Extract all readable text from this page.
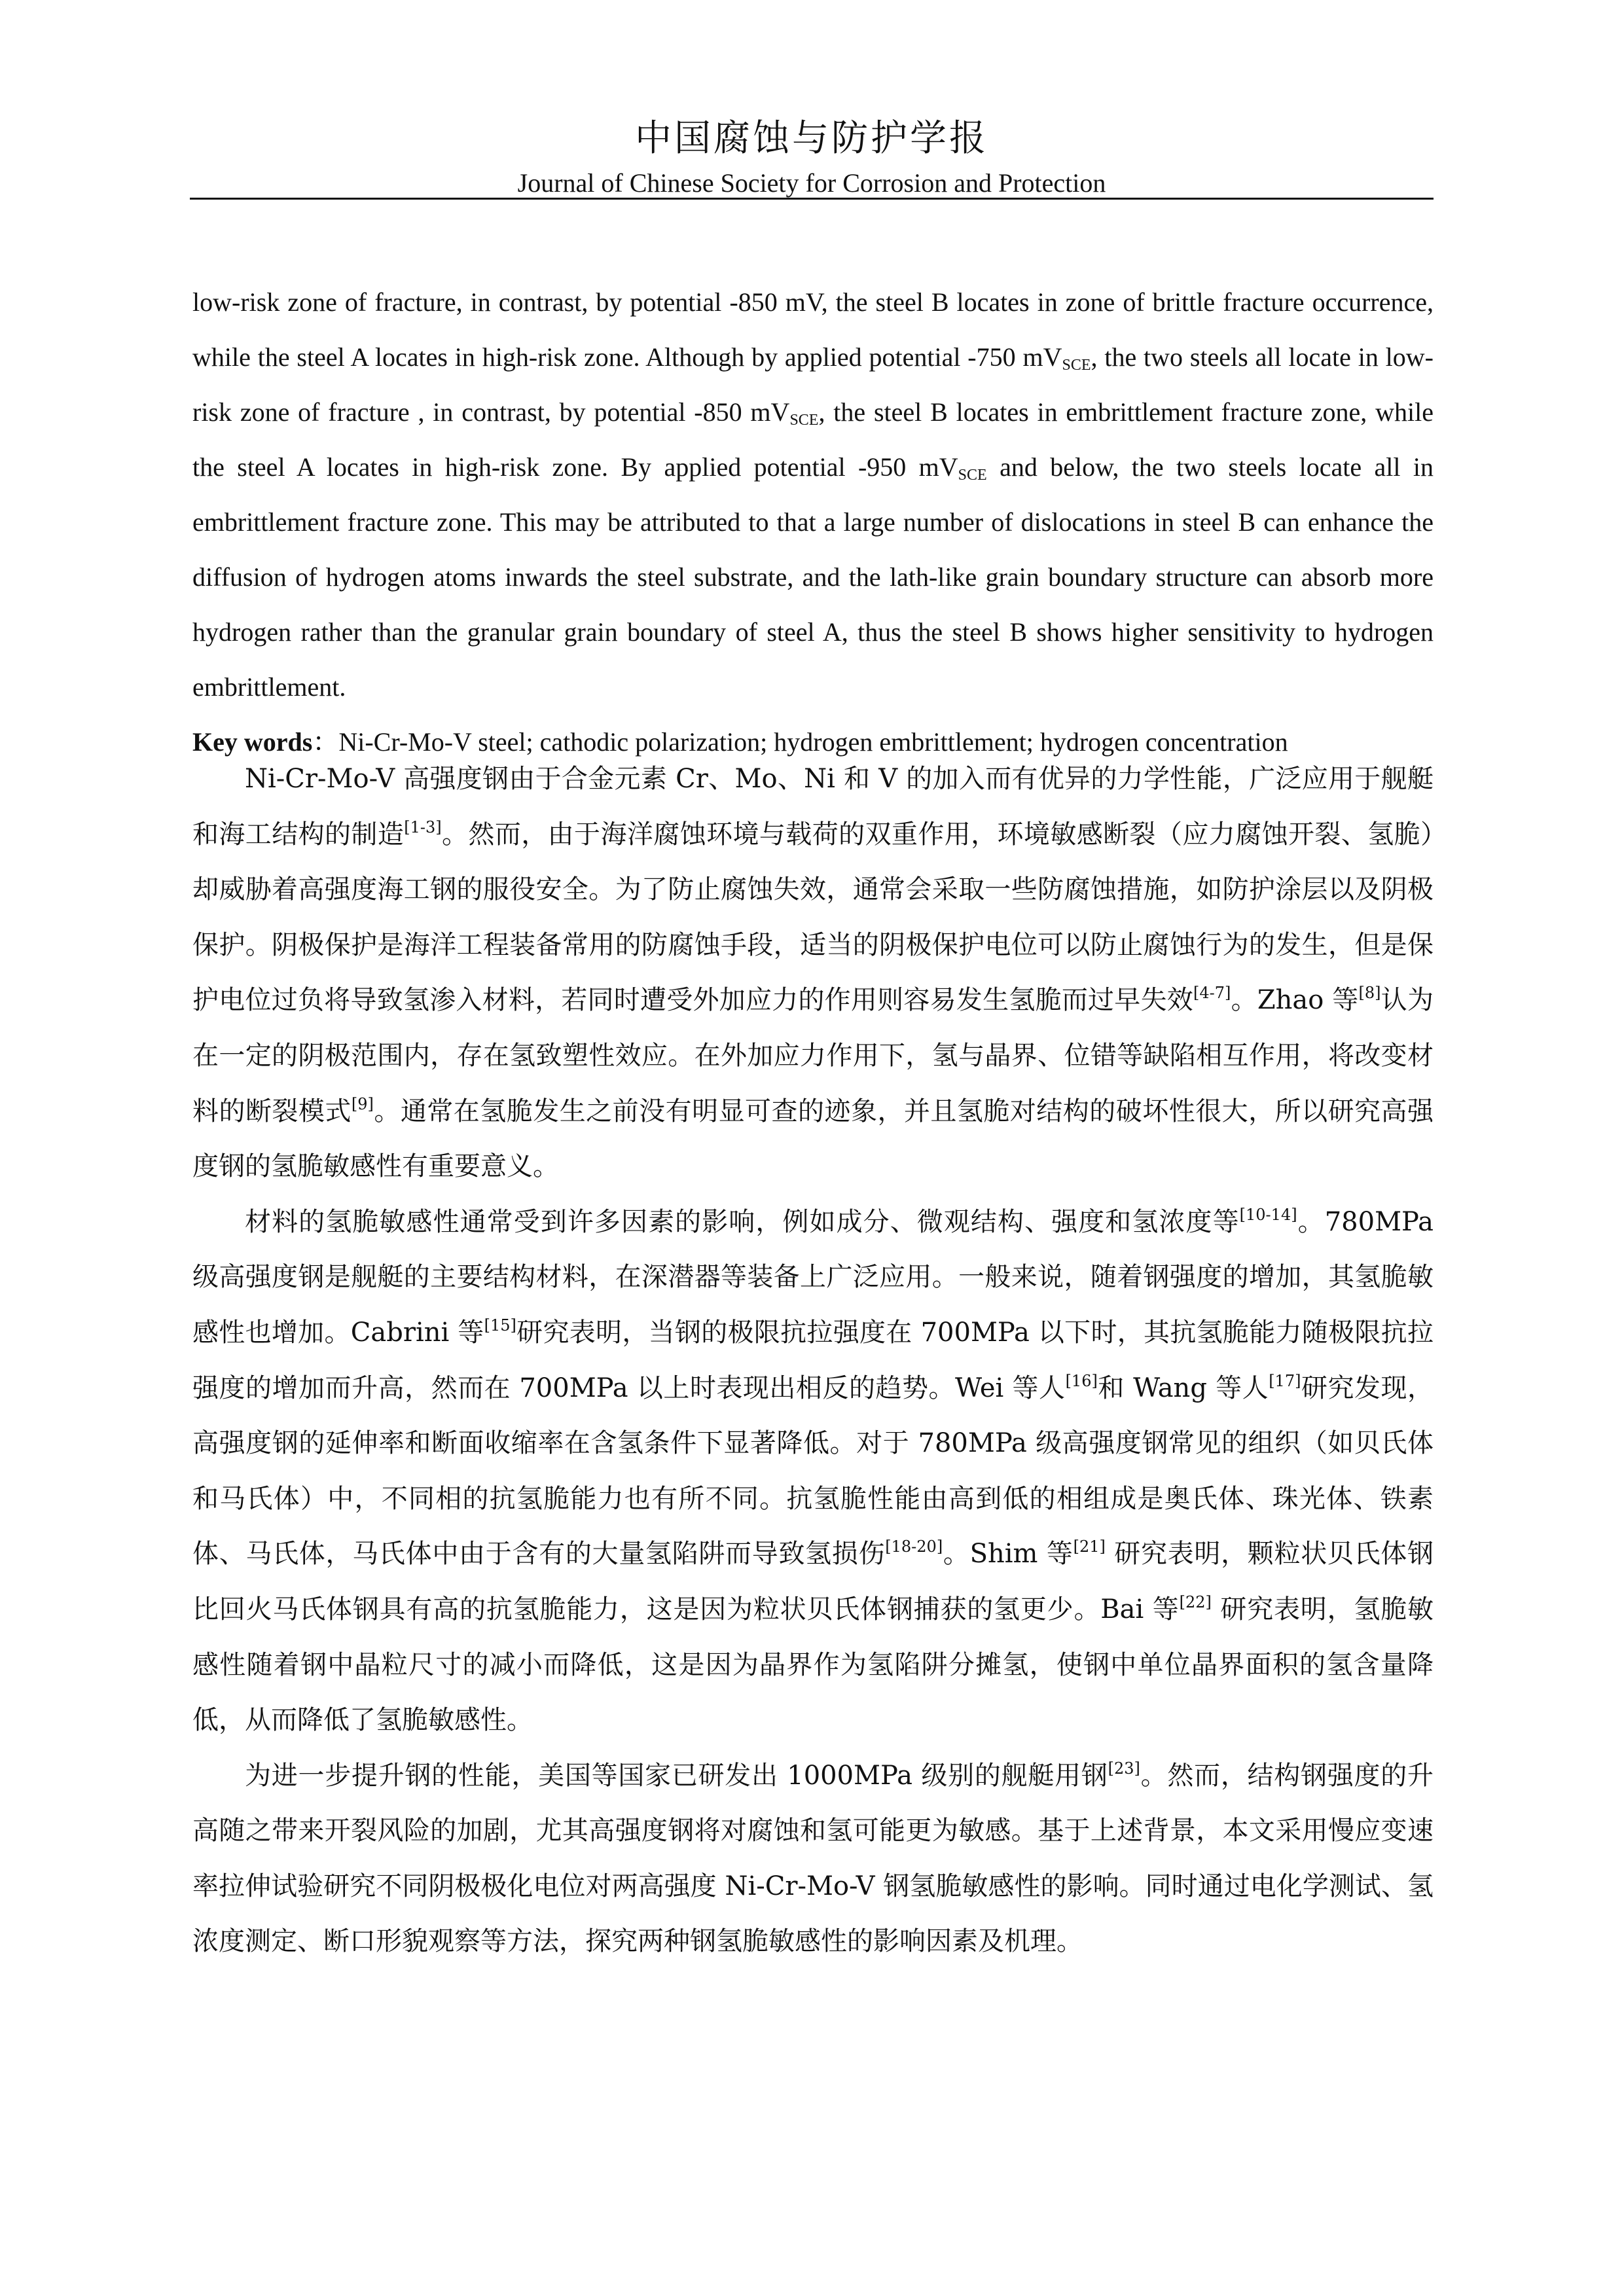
中国腐蚀与防护学报
Journal of Chinese Society for Corrosion and Protection
low-risk zone of fracture, in contrast, by potential -850 mV, the steel B locates in zone of brittle fracture occurrence, while the steel A locates in high-risk zone. Although by applied potential -750 $mV_{SCE}$, the two steels all locate in low-risk zone of fracture , in contrast, by potential -850 $mV_{SCE}$, the steel B locates in embrittlement fracture zone, while the steel A locates in high-risk zone. By applied potential -950 $mV_{SCE}$ and below, the two steels locate all in embrittlement fracture zone. This may be attributed to that a large number of dislocations in steel B can enhance the diffusion of hydrogen atoms inwards the steel substrate, and the lath-like grain boundary structure can absorb more hydrogen rather than the granular grain boundary of steel A, thus the steel B shows higher sensitivity to hydrogen embrittlement.
Key words：Ni-Cr-Mo-V steel; cathodic polarization; hydrogen embrittlement; hydrogen concentration

Ni-Cr-Mo-V 高强度钢由于合金元素 Cr、Mo、Ni 和 V 的加入而有优异的力学性能，广泛应用于舰艇和海工结构的制造[1-3]。然而，由于海洋腐蚀环境与载荷的双重作用，环境敏感断裂（应力腐蚀开裂、氢脆）却威胁着高强度海工钢的服役安全。为了防止腐蚀失效，通常会采取一些防腐蚀措施，如防护涂层以及阴极保护。阴极保护是海洋工程装备常用的防腐蚀手段，适当的阴极保护电位可以防止腐蚀行为的发生，但是保护电位过负将导致氢渗入材料，若同时遭受外加应力的作用则容易发生氢脆而过早失效[4-7]。Zhao 等[8]认为在一定的阴极范围内，存在氢致塑性效应。在外加应力作用下，氢与晶界、位错等缺陷相互作用，将改变材料的断裂模式[9]。通常在氢脆发生之前没有明显可查的迹象，并且氢脆对结构的破坏性很大，所以研究高强度钢的氢脆敏感性有重要意义。

材料的氢脆敏感性通常受到许多因素的影响，例如成分、微观结构、强度和氢浓度等[10-14]。780MPa 级高强度钢是舰艇的主要结构材料，在深潜器等装备上广泛应用。一般来说，随着钢强度的增加，其氢脆敏感性也增加。Cabrini 等[15]研究表明，当钢的极限抗拉强度在 700MPa 以下时，其抗氢脆能力随极限抗拉强度的增加而升高，然而在 700MPa 以上时表现出相反的趋势。Wei 等人[16]和 Wang 等人[17]研究发现，高强度钢的延伸率和断面收缩率在含氢条件下显著降低。对于 780MPa 级高强度钢常见的组织（如贝氏体和马氏体）中，不同相的抗氢脆能力也有所不同。抗氢脆性能由高到低的相组成是奥氏体、珠光体、铁素体、马氏体，马氏体中由于含有的大量氢陷阱而导致氢损伤[18-20]。Shim 等[21] 研究表明，颗粒状贝氏体钢比回火马氏体钢具有高的抗氢脆能力，这是因为粒状贝氏体钢捕获的氢更少。Bai 等[22] 研究表明，氢脆敏感性随着钢中晶粒尺寸的减小而降低，这是因为晶界作为氢陷阱分摊氢，使钢中单位晶界面积的氢含量降低，从而降低了氢脆敏感性。

为进一步提升钢的性能，美国等国家已研发出 1000MPa 级别的舰艇用钢[23]。然而，结构钢强度的升高随之带来开裂风险的加剧，尤其高强度钢将对腐蚀和氢可能更为敏感。基于上述背景，本文采用慢应变速率拉伸试验研究不同阴极极化电位对两高强度 Ni-Cr-Mo-V 钢氢脆敏感性的影响。同时通过电化学测试、氢浓度测定、断口形貌观察等方法，探究两种钢氢脆敏感性的影响因素及机理。
